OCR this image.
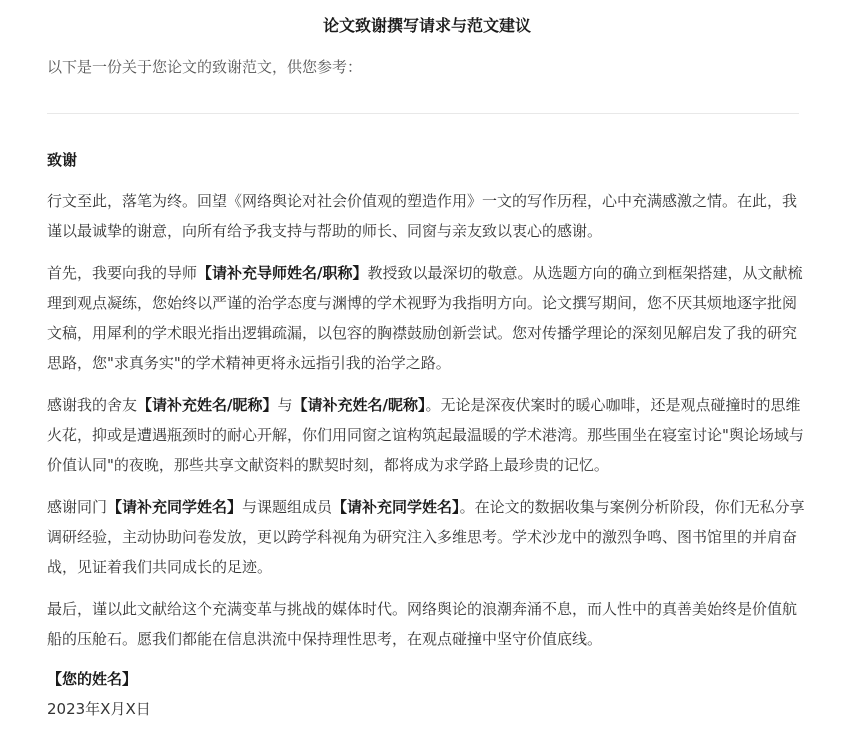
论文致谢撰写请求与范文建议
以下是一份关于您论文的致谢范文，供您参考：
致谢

行文至此，落笔为终。回望《网络舆论对社会价值观的塑造作用》一文的写作历程，心中充满感激之情。在此，我谨以最诚挚的谢意，向所有给予我支持与帮助的师长、同窗与亲友致以衷心的感谢。

首先，我要向我的导师【请补充导师姓名/职称】教授致以最深切的敬意。从选题方向的确立到框架搭建，从文献梳理到观点凝练，您始终以严谨的治学态度与渊博的学术视野为我指明方向。论文撰写期间，您不厌其烦地逐字批阅文稿，用犀利的学术眼光指出逻辑疏漏，以包容的胸襟鼓励创新尝试。您对传播学理论的深刻见解启发了我的研究思路，您"求真务实"的学术精神更将永远指引我的治学之路。

感谢我的舍友【请补充姓名/昵称】与【请补充姓名/昵称】。无论是深夜伏案时的暖心咖啡，还是观点碰撞时的思维火花，抑或是遭遇瓶颈时的耐心开解，你们用同窗之谊构筑起最温暖的学术港湾。那些围坐在寝室讨论"舆论场域与价值认同"的夜晚，那些共享文献资料的默契时刻，都将成为求学路上最珍贵的记忆。

感谢同门【请补充同学姓名】与课题组成员【请补充同学姓名】。在论文的数据收集与案例分析阶段，你们无私分享调研经验，主动协助问卷发放，更以跨学科视角为研究注入多维思考。学术沙龙中的激烈争鸣、图书馆里的并肩奋战，见证着我们共同成长的足迹。

最后，谨以此文献给这个充满变革与挑战的媒体时代。网络舆论的浪潮奔涌不息，而人性中的真善美始终是价值航船的压舱石。愿我们都能在信息洪流中保持理性思考，在观点碰撞中坚守价值底线。

【您的姓名】
2023年X月X日
